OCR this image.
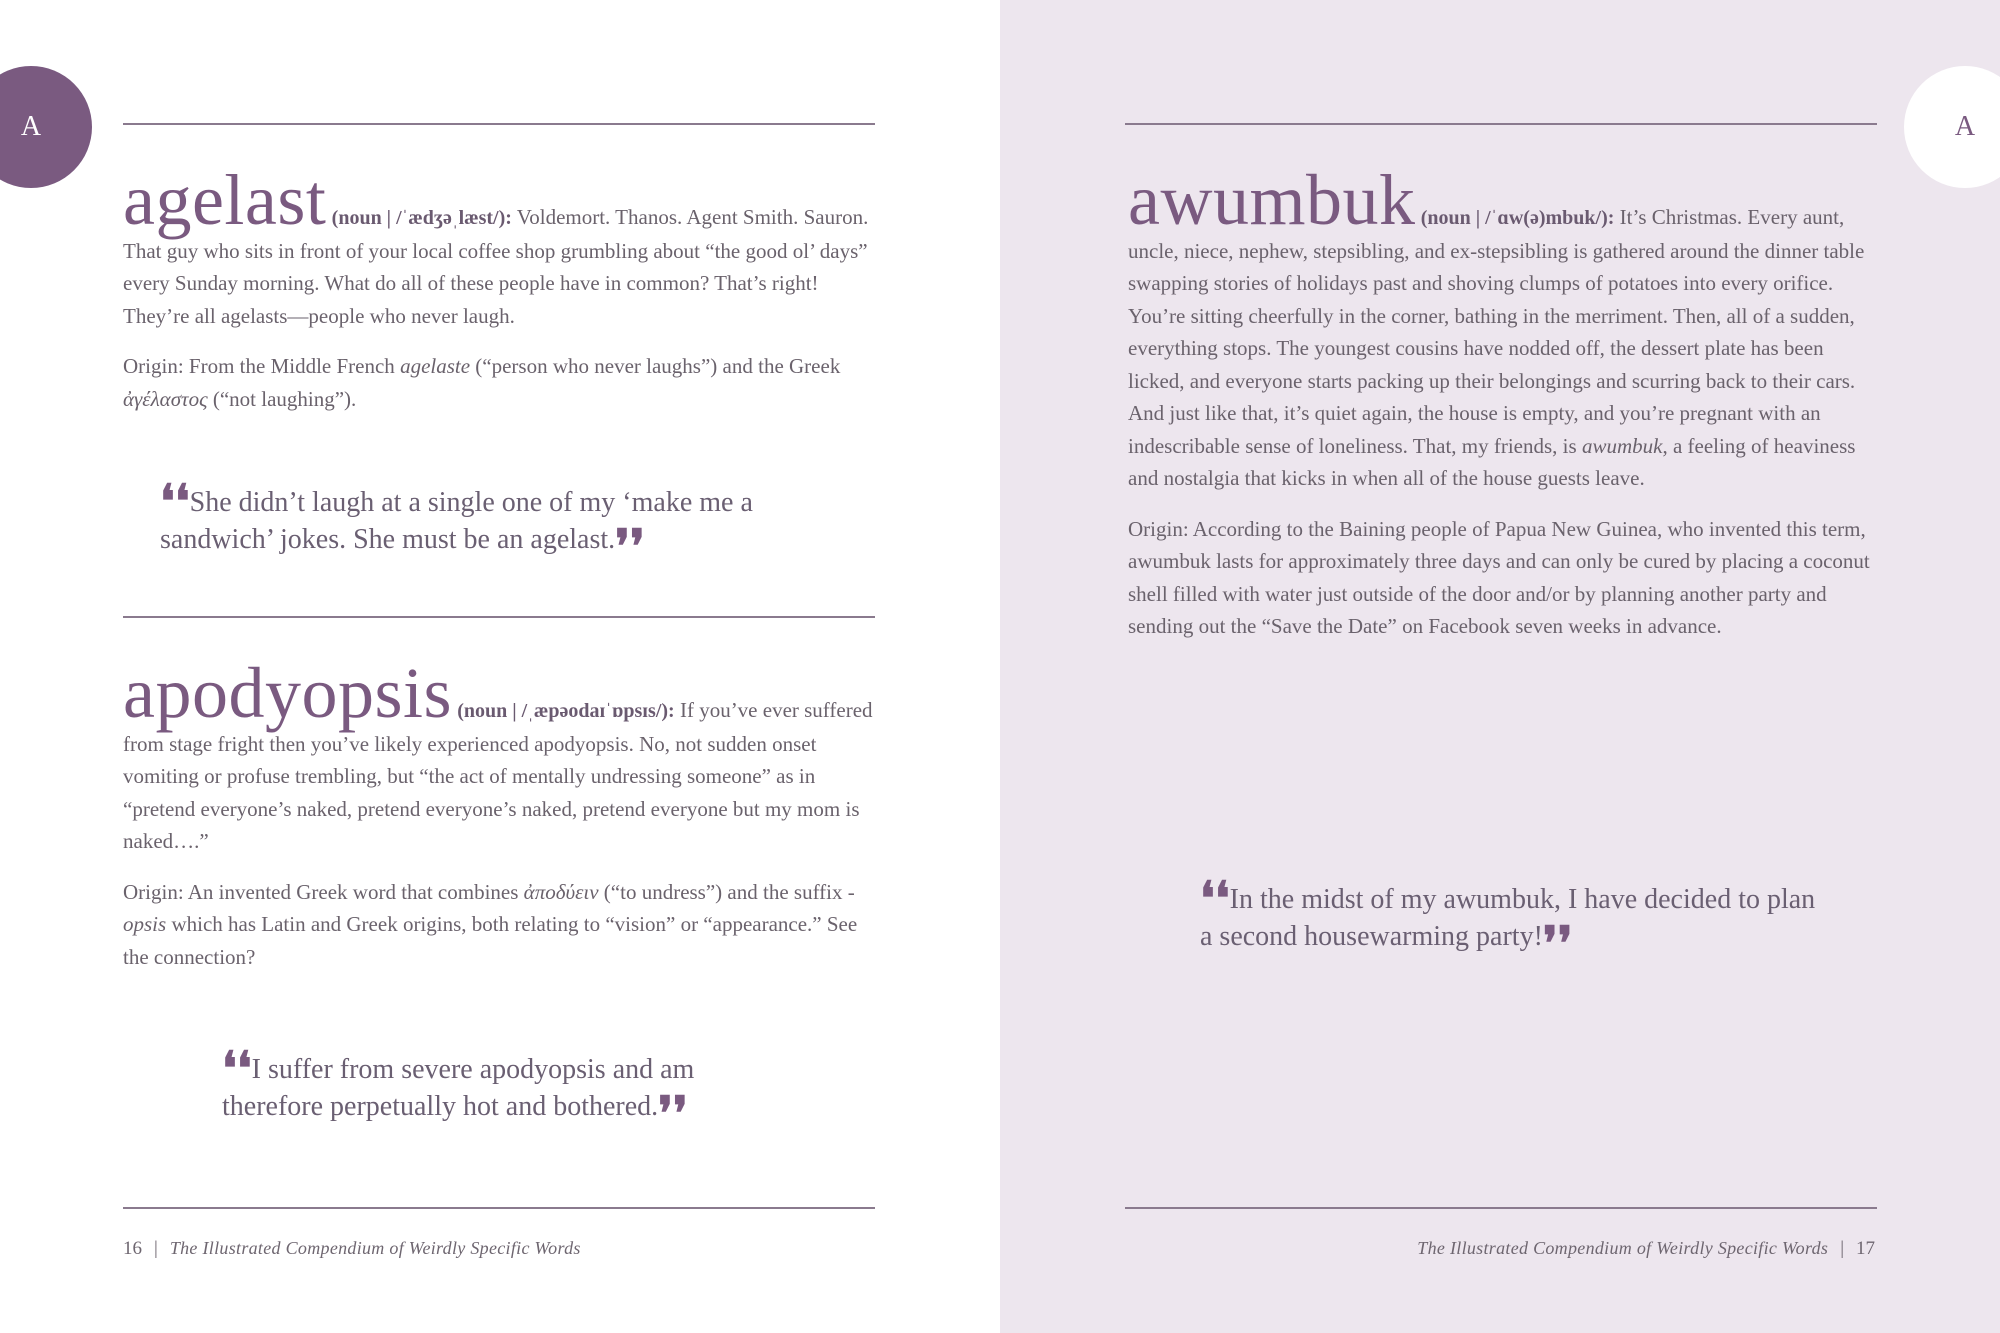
A

agelast (noun | /ˈædʒəˌlæst/): Voldemort. Thanos. Agent Smith. Sauron. That guy who sits in front of your local coffee shop grumbling about “the good ol’ days” every Sunday morning. What do all of these people have in common? That’s right! They’re all agelasts—people who never laugh.

Origin: From the Middle French agelaste (“person who never laughs”) and the Greek ἀγέλαστος (“not laughing”).

❛❛She didn’t laugh at a single one of my ‘make me a sandwich’ jokes. She must be an agelast.❜❜

apodyopsis (noun | /ˌæpəodaɪˈɒpsɪs/): If you’ve ever suffered from stage fright then you’ve likely experienced apodyopsis. No, not sudden onset vomiting or profuse trembling, but “the act of mentally undressing someone” as in “pretend everyone’s naked, pretend everyone’s naked, pretend everyone but my mom is naked….”

Origin: An invented Greek word that combines ἀποδύειν (“to undress”) and the suffix -opsis which has Latin and Greek origins, both relating to “vision” or “appearance.” See the connection?

❛❛I suffer from severe apodyopsis and am therefore perpetually hot and bothered.❜❜
16 | The Illustrated Compendium of Weirdly Specific Words
A

awumbuk (noun | /ˈɑw(ə)mbuk/): It’s Christmas. Every aunt, uncle, niece, nephew, stepsibling, and ex-stepsibling is gathered around the dinner table swapping stories of holidays past and shoving clumps of potatoes into every orifice. You’re sitting cheerfully in the corner, bathing in the merriment. Then, all of a sudden, everything stops. The youngest cousins have nodded off, the dessert plate has been licked, and everyone starts packing up their belongings and scurring back to their cars. And just like that, it’s quiet again, the house is empty, and you’re pregnant with an indescribable sense of loneliness. That, my friends, is awumbuk, a feeling of heaviness and nostalgia that kicks in when all of the house guests leave.

Origin: According to the Baining people of Papua New Guinea, who invented this term, awumbuk lasts for approximately three days and can only be cured by placing a coconut shell filled with water just outside of the door and/or by planning another party and sending out the “Save the Date” on Facebook seven weeks in advance.

❛❛In the midst of my awumbuk, I have decided to plan a second housewarming party!❜❜
The Illustrated Compendium of Weirdly Specific Words | 17
